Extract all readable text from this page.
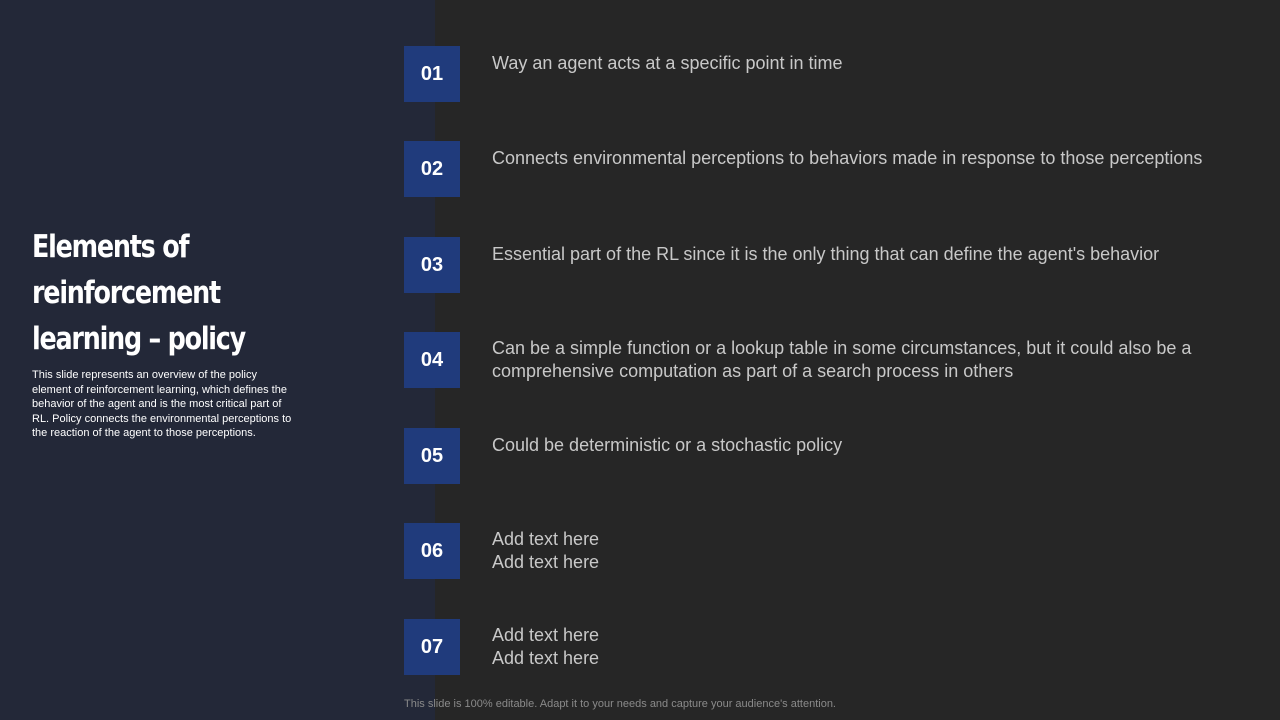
Elements of reinforcement learning – policy

This slide represents an overview of the policy element of reinforcement learning, which defines the behavior of the agent and is the most critical part of RL. Policy connects the environmental perceptions to the reaction of the agent to those perceptions.

01	Way an agent acts at a specific point in time
02	Connects environmental perceptions to behaviors made in response to those perceptions
03	Essential part of the RL since it is the only thing that can define the agent's behavior
04
Can be a simple function or a lookup table in some circumstances, but it could also be a
comprehensive computation as part of a search process in others
05	Could be deterministic or a stochastic policy
06
Add text here
Add text here
07
Add text here
Add text here
This slide is 100% editable. Adapt it to your needs and capture your audience's attention.
